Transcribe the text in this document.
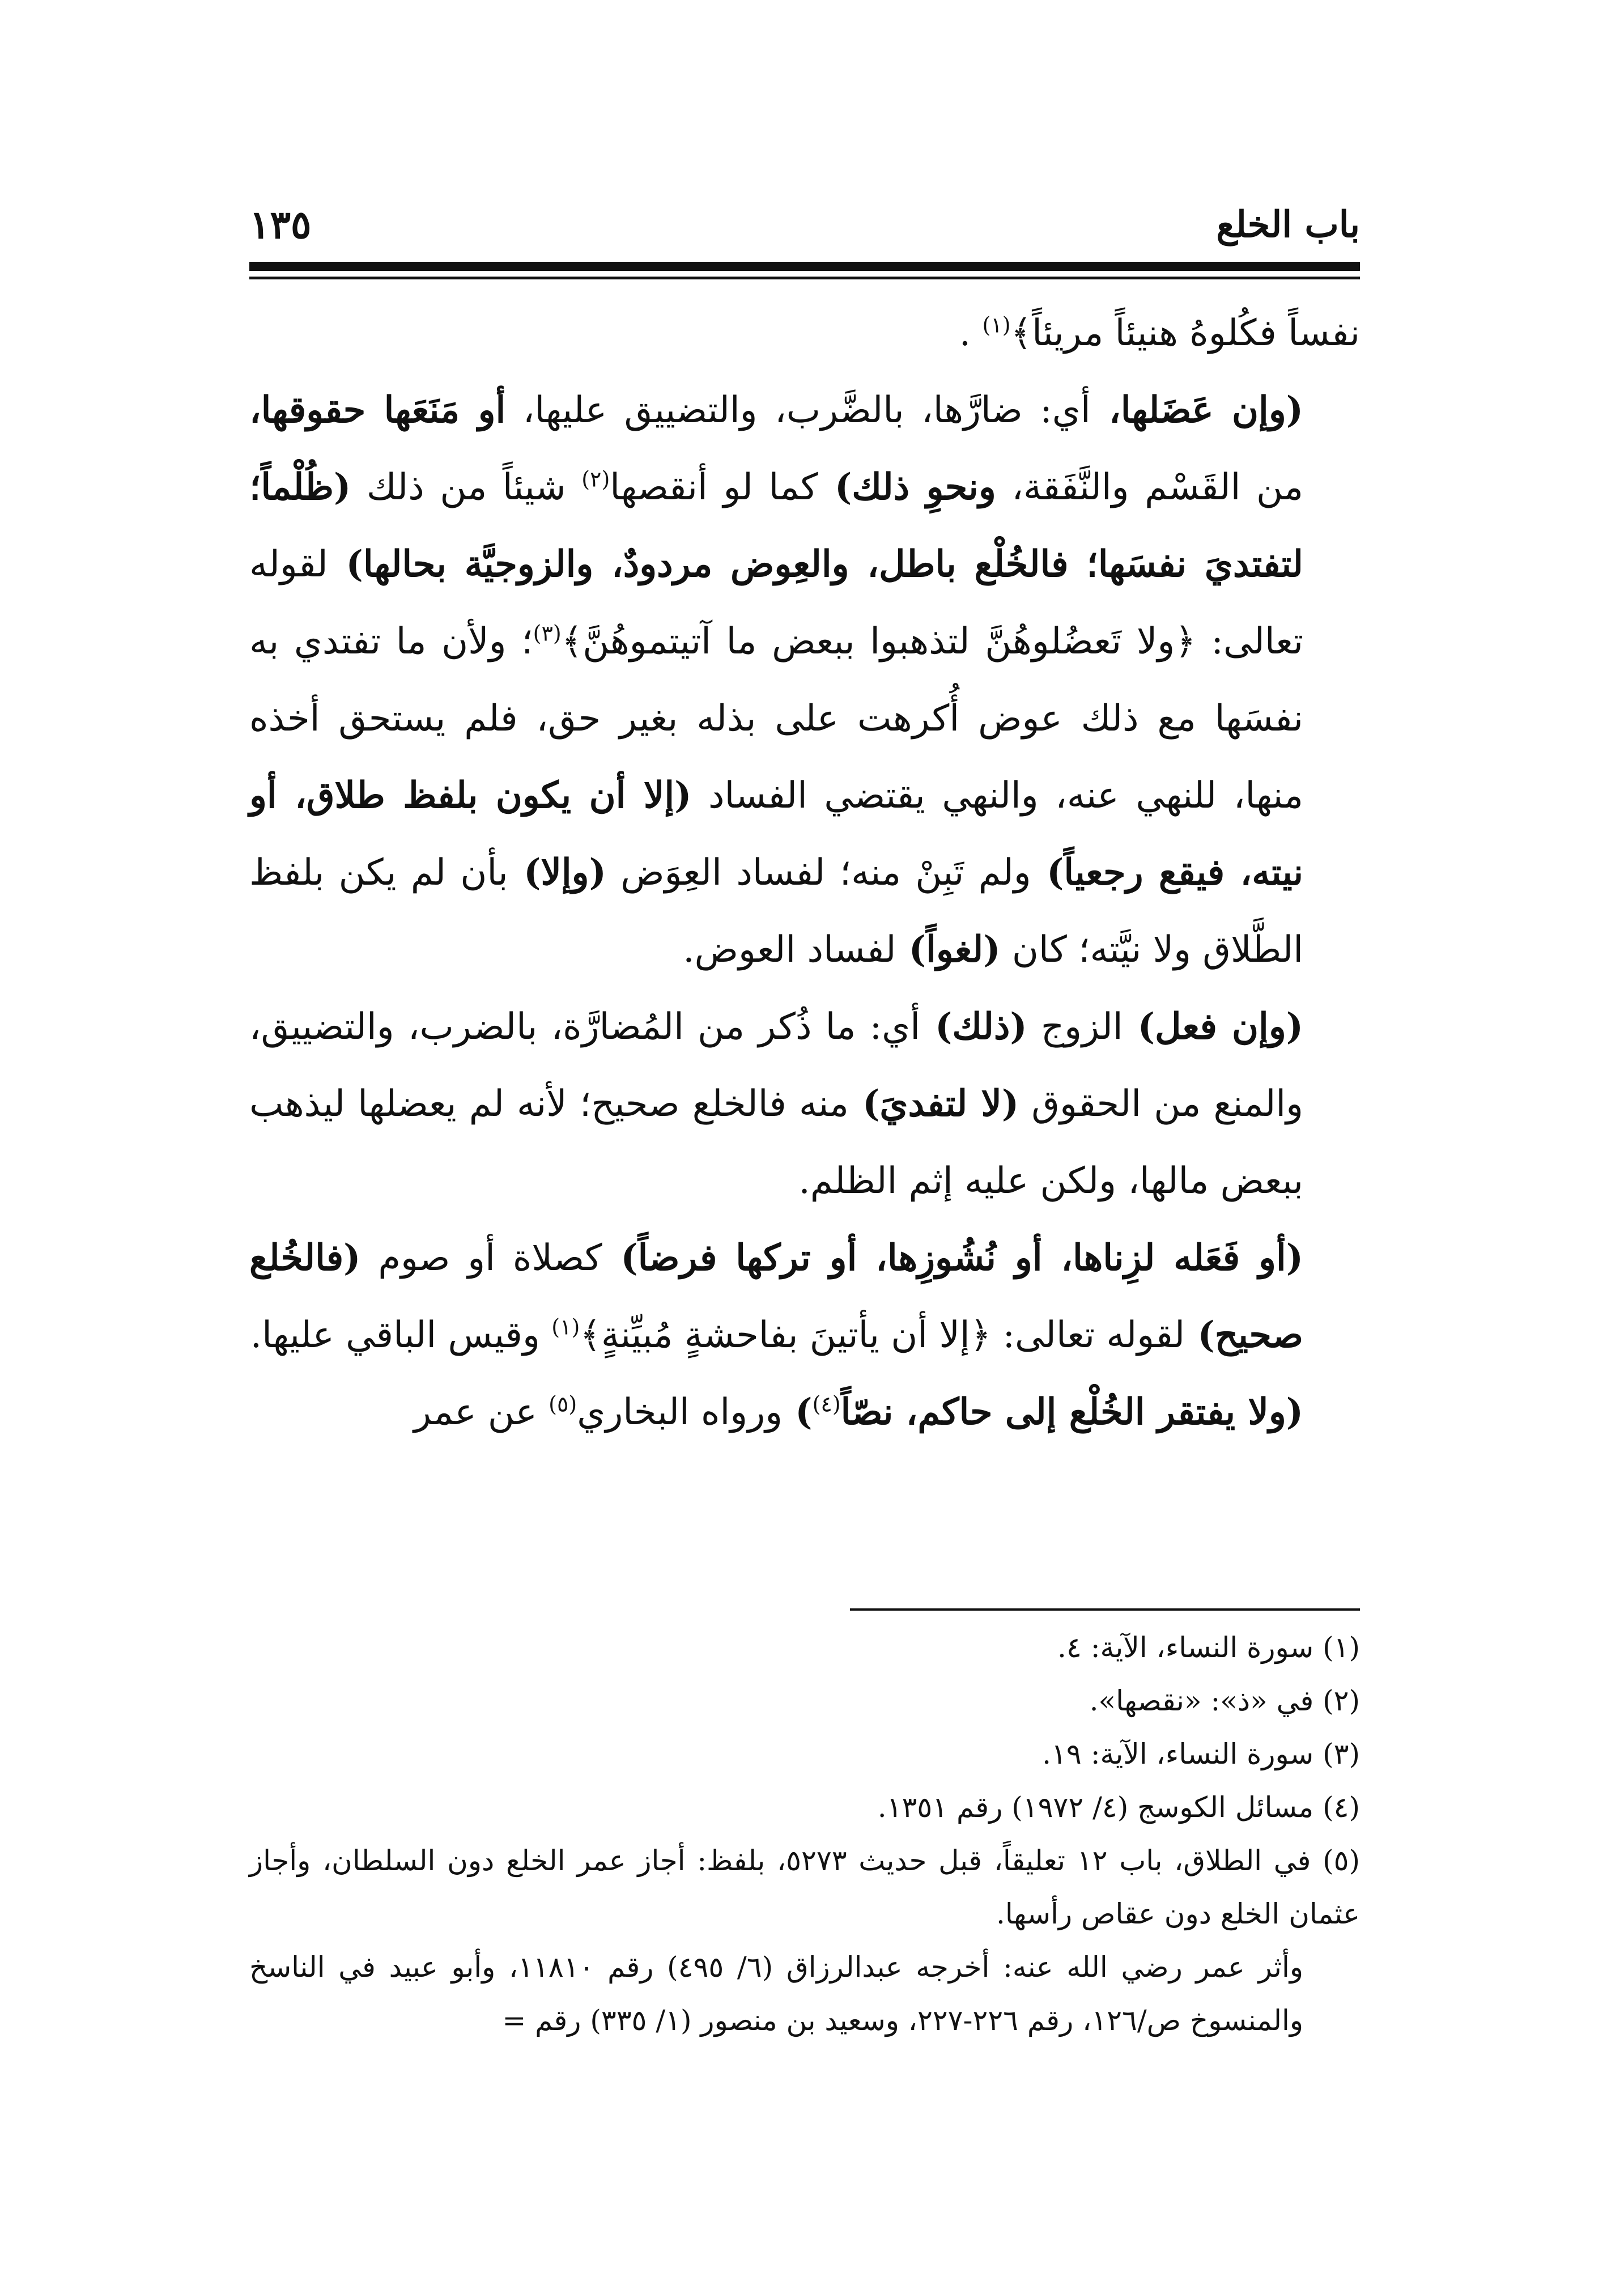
باب الخلع
١٣٥

نفساً فكُلوهُ هنيئاً مريئاً﴾$^{(١)}$ .

(وإن عَضَلها، أي: ضارَّها، بالضَّرب، والتضييق عليها، أو مَنَعَها حقوقها، من القَسْم والنَّفَقة، ونحوِ ذلك) كما لو أنقصها$^{(٢)}$ شيئاً من ذلك (ظُلْماً؛ لتفتديَ نفسَها؛ فالخُلْع باطل، والعِوض مردودٌ، والزوجيَّة بحالها) لقوله تعالى: ﴿ولا تَعضُلوهُنَّ لتذهبوا ببعض ما آتيتموهُنَّ﴾$^{(٣)}$؛ ولأن ما تفتدي به نفسَها مع ذلك عوض أُكرهت على بذله بغير حق، فلم يستحق أخذه منها، للنهي عنه، والنهي يقتضي الفساد (إلا أن يكون بلفظ طلاق، أو نيته، فيقع رجعياً) ولم تَبِنْ منه؛ لفساد العِوَض (وإلا) بأن لم يكن بلفظ الطَّلاق ولا نيَّته؛ كان (لغواً) لفساد العوض.

(وإن فعل) الزوج (ذلك) أي: ما ذُكر من المُضارَّة، بالضرب، والتضييق، والمنع من الحقوق (لا لتفديَ) منه فالخلع صحيح؛ لأنه لم يعضلها ليذهب ببعض مالها، ولكن عليه إثم الظلم.

(أو فَعَله لزِناها، أو نُشُوزِها، أو تركها فرضاً) كصلاة أو صوم (فالخُلع صحيح) لقوله تعالى: ﴿إلا أن يأتينَ بفاحشةٍ مُبيِّنةٍ﴾$^{(١)}$ وقيس الباقي عليها.

(ولا يفتقر الخُلْع إلى حاكم، نصّاً$^{(٤)}$) ورواه البخاري$^{(٥)}$ عن عمر

(١) سورة النساء، الآية: ٤.

(٢) في «ذ»: «نقصها».

(٣) سورة النساء، الآية: ١٩.

(٤) مسائل الكوسج (٤/ ١٩٧٢) رقم ١٣٥١.

(٥) في الطلاق، باب ١٢ تعليقاً، قبل حديث ٥٢٧٣، بلفظ: أجاز عمر الخلع دون السلطان، وأجاز عثمان الخلع دون عقاص رأسها.

وأثر عمر رضي الله عنه: أخرجه عبدالرزاق (٦/ ٤٩٥) رقم ١١٨١٠، وأبو عبيد في الناسخ والمنسوخ ص/١٢٦، رقم ٢٢٦-٢٢٧، وسعيد بن منصور (١/ ٣٣٥) رقم =
